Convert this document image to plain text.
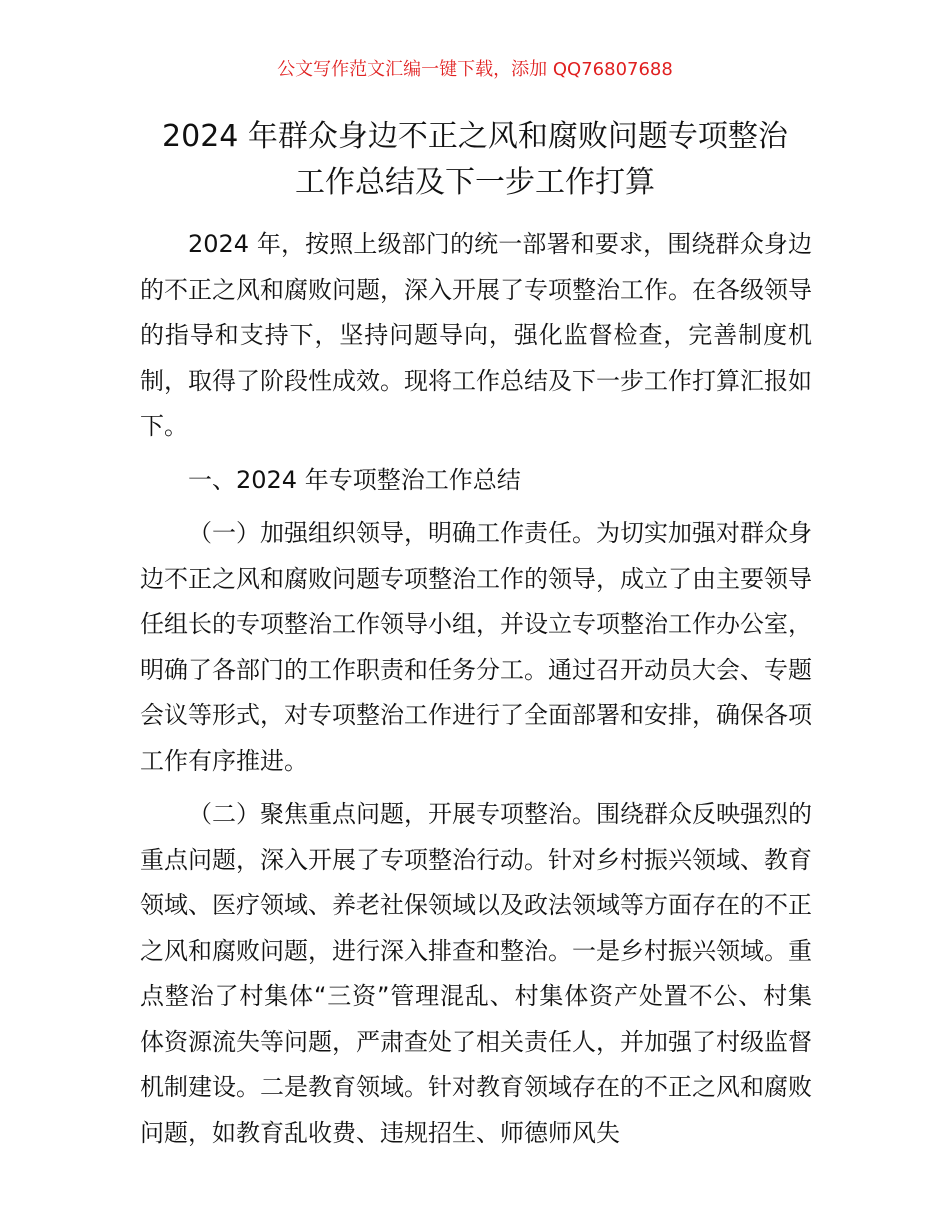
公文写作范文汇编一键下载，添加 QQ76807688
2024 年群众身边不正之风和腐败问题专项整治
工作总结及下一步工作打算

2024 年，按照上级部门的统一部署和要求，围绕群众身边的不正之风和腐败问题，深入开展了专项整治工作。在各级领导的指导和支持下，坚持问题导向，强化监督检查，完善制度机制，取得了阶段性成效。现将工作总结及下一步工作打算汇报如下。

一、2024 年专项整治工作总结

（一）加强组织领导，明确工作责任。为切实加强对群众身边不正之风和腐败问题专项整治工作的领导，成立了由主要领导任组长的专项整治工作领导小组，并设立专项整治工作办公室，明确了各部门的工作职责和任务分工。通过召开动员大会、专题会议等形式，对专项整治工作进行了全面部署和安排，确保各项工作有序推进。

（二）聚焦重点问题，开展专项整治。围绕群众反映强烈的重点问题，深入开展了专项整治行动。针对乡村振兴领域、教育领域、医疗领域、养老社保领域以及政法领域等方面存在的不正之风和腐败问题，进行深入排查和整治。一是乡村振兴领域。重点整治了村集体“三资”管理混乱、村集体资产处置不公、村集体资源流失等问题，严肃查处了相关责任人，并加强了村级监督机制建设。二是教育领域。针对教育领域存在的不正之风和腐败问题，如教育乱收费、违规招生、师德师风失
